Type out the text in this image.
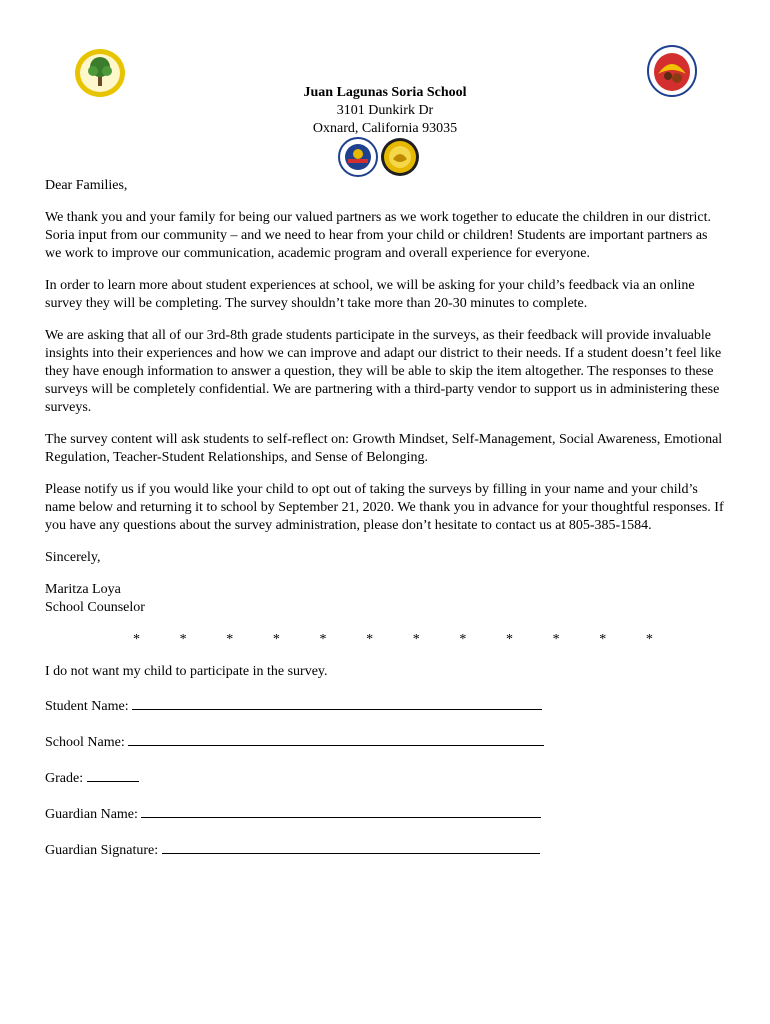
Juan Lagunas Soria School
3101 Dunkirk Dr
Oxnard, California 93035

Dear Families,

We thank you and your family for being our valued partners as we work together to educate the children in our district. Soria input from our community – and we need to hear from your child or children! Students are important partners as we work to improve our communication, academic program and overall experience for everyone.

In order to learn more about student experiences at school, we will be asking for your child’s feedback via an online survey they will be completing. The survey shouldn’t take more than 20-30 minutes to complete.

We are asking that all of our 3rd-8th grade students participate in the surveys, as their feedback will provide invaluable insights into their experiences and how we can improve and adapt our district to their needs. If a student doesn’t feel like they have enough information to answer a question, they will be able to skip the item altogether. The responses to these surveys will be completely confidential. We are partnering with a third-party vendor to support us in administering these surveys.

The survey content will ask students to self-reflect on: Growth Mindset, Self-Management, Social Awareness, Emotional Regulation, Teacher-Student Relationships, and Sense of Belonging.

Please notify us if you would like your child to opt out of taking the surveys by filling in your name and your child’s name below and returning it to school by September 21, 2020. We thank you in advance for your thoughtful responses. If you have any questions about the survey administration, please don’t hesitate to contact us at 805-385-1584.

Sincerely,

Maritza Loya
School Counselor

*	*	*	*	*	*	*	*	*	*	*	*

I do not want my child to participate in the survey.

Student Name:
School Name:
Grade:
Guardian Name:
Guardian Signature:
